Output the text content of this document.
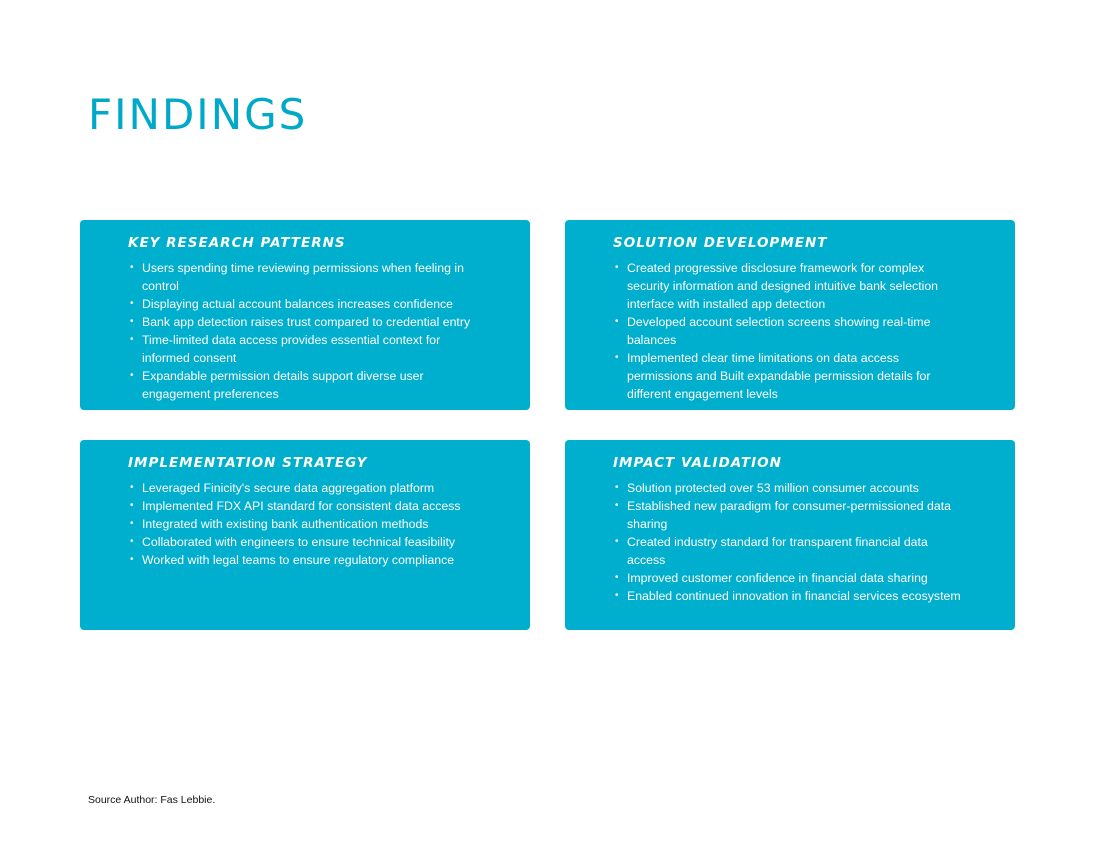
FINDINGS
KEY RESEARCH PATTERNS
• Users spending time reviewing permissions when feeling in control
• Displaying actual account balances increases confidence
• Bank app detection raises trust compared to credential entry
• Time-limited data access provides essential context for informed consent
• Expandable permission details support diverse user engagement preferences
SOLUTION DEVELOPMENT
• Created progressive disclosure framework for complex security information and designed intuitive bank selection interface with installed app detection
• Developed account selection screens showing real-time balances
• Implemented clear time limitations on data access permissions and Built expandable permission details for different engagement levels
IMPLEMENTATION STRATEGY
• Leveraged Finicity's secure data aggregation platform
• Implemented FDX API standard for consistent data access
• Integrated with existing bank authentication methods
• Collaborated with engineers to ensure technical feasibility
• Worked with legal teams to ensure regulatory compliance
IMPACT VALIDATION
• Solution protected over 53 million consumer accounts
• Established new paradigm for consumer-permissioned data sharing
• Created industry standard for transparent financial data access
• Improved customer confidence in financial data sharing
• Enabled continued innovation in financial services ecosystem
Source Author: Fas Lebbie.
